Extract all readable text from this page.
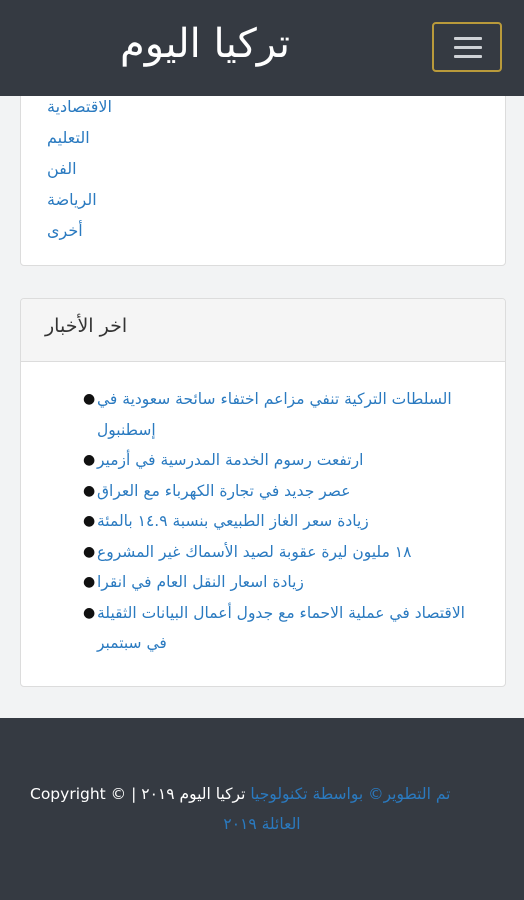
تركيا اليوم
الاقتصادية
التعليم
الفن
الرياضة
أخرى
اخر الأخبار
● السلطات التركية تنفي مزاعم اختفاء سائحة سعودية في إسطنبول
● ارتفعت رسوم الخدمة المدرسية في أزمير
● عصر جديد في تجارة الكهرباء مع العراق
● زيادة سعر الغاز الطبيعي بنسبة ١٤.٩ بالمئة
● ١٨ مليون ليرة عقوبة لصيد الأسماك غير المشروع
● زيادة اسعار النقل العام في انقرا
● الاقتصاد في عملية الاحماء مع جدول أعمال البيانات الثقيلة في سبتمبر
Copyright ©	تم التطوير© بواسطة تكنولوجيا تركيا اليوم ٢٠١٩ |
العائلة ٢٠١٩
